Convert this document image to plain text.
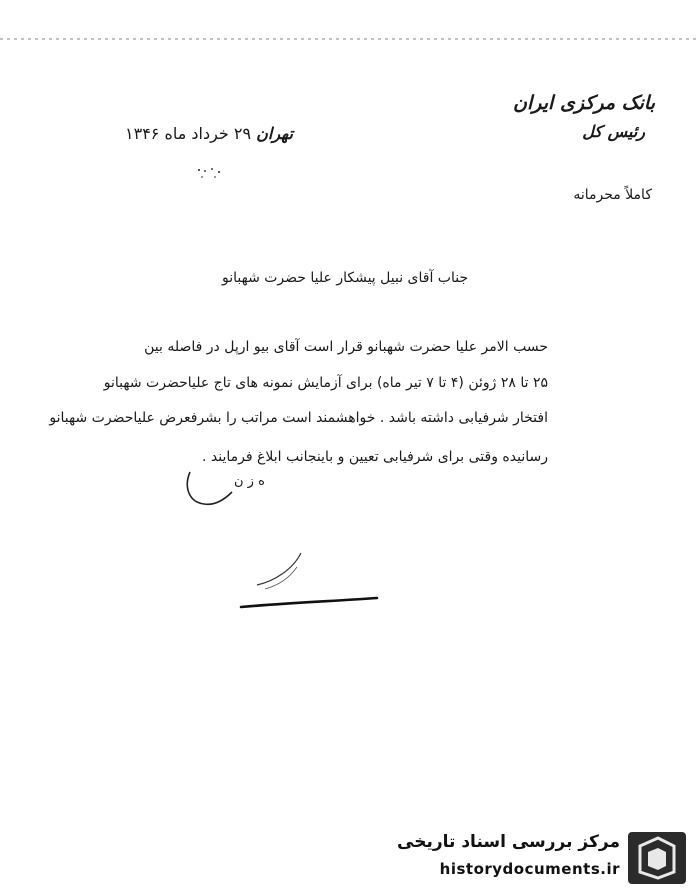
بانک مرکزی ایران
رئیس کل
تهران ۲۹ خرداد ماه ۱۳۴۶
کاملاً محرمانه
جناب آقای نبیل پیشکار علیا حضرت شهبانو
حسب الامر علیا حضرت شهبانو قرار است آقای بیو ارپل در فاصله بین
۲۵ تا ۲۸ ژوئن (۴ تا ۷ تیر ماه) برای آزمایش نمونه های تاج علیاحضرت شهبانو
افتخار شرفیابی داشته باشد . خواهشمند است مراتب را بشرفعرض علیاحضرت شهبانو
رسانیده وقتی برای شرفیابی تعیین و باینجانب ابلاغ فرمایند .
ه ز ن
مرکز بررسی اسناد تاریخی
historydocuments.ir
